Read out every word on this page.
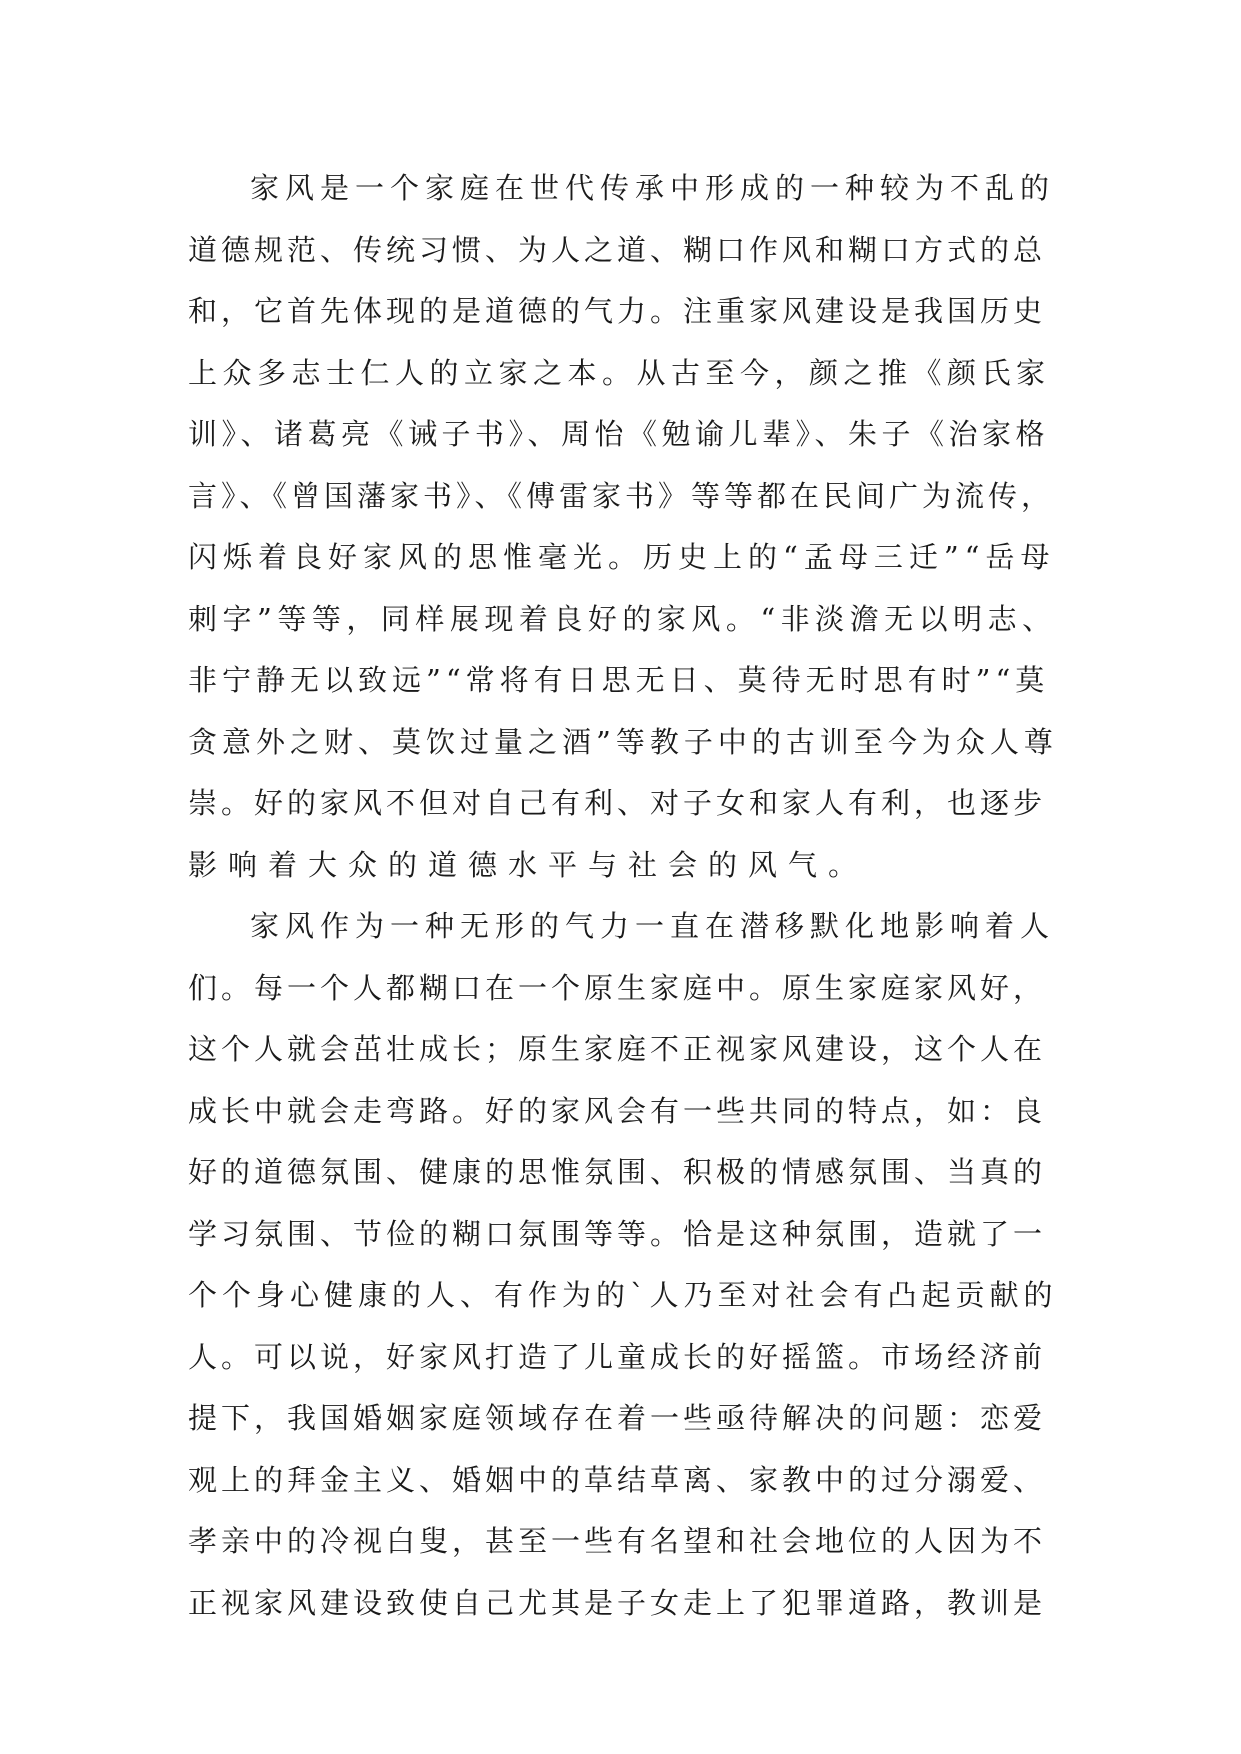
家风是一个家庭在世代传承中形成的一种较为不乱的
道德规范、传统习惯、为人之道、糊口作风和糊口方式的总
和，它首先体现的是道德的气力。注重家风建设是我国历史
上众多志士仁人的立家之本。从古至今，颜之推《颜氏家
训》、诸葛亮《诫子书》、周怡《勉谕儿辈》、朱子《治家格
言》、《曾国藩家书》、《傅雷家书》等等都在民间广为流传，
闪烁着良好家风的思惟毫光。历史上的“孟母三迁”“岳母
刺字”等等，同样展现着良好的家风。“非淡澹无以明志、
非宁静无以致远”“常将有日思无日、莫待无时思有时”“莫
贪意外之财、莫饮过量之酒”等教子中的古训至今为众人尊
崇。好的家风不但对自己有利、对子女和家人有利，也逐步
影响着大众的道德水平与社会的风气。
家风作为一种无形的气力一直在潜移默化地影响着人
们。每一个人都糊口在一个原生家庭中。原生家庭家风好，
这个人就会茁壮成长；原生家庭不正视家风建设，这个人在
成长中就会走弯路。好的家风会有一些共同的特点，如：良
好的道德氛围、健康的思惟氛围、积极的情感氛围、当真的
学习氛围、节俭的糊口氛围等等。恰是这种氛围，造就了一
个个身心健康的人、有作为的`人乃至对社会有凸起贡献的
人。可以说，好家风打造了儿童成长的好摇篮。市场经济前
提下，我国婚姻家庭领域存在着一些亟待解决的问题：恋爱
观上的拜金主义、婚姻中的草结草离、家教中的过分溺爱、
孝亲中的冷视白叟，甚至一些有名望和社会地位的人因为不
正视家风建设致使自己尤其是子女走上了犯罪道路，教训是
